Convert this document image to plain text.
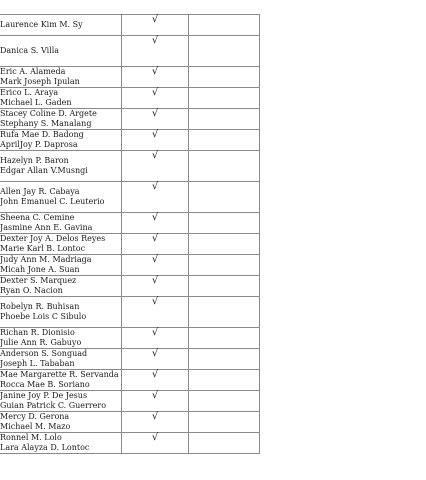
Laurence Kim M. Sy	√	

Danica S. Villa	√	

Eric A. Alameda
Mark Joseph Ipulan	√	

Erico L. Araya
Michael L. Gaden	√	

Stacey Coline D. Argete
Stephany S. Manalang	√	

Rufa Mae D. Badong
AprilJoy P. Daprosa	√	

Hazelyn P. Baron
Edgar Allan V.Musngi	√	

Allen Jay R. Cabaya
John Emanuel C. Leuterio	√	

Sheena C. Cemine
Jasmine Ann E. Gavina	√	

Dexter Joy A. Delos Reyes
Marie Karl B. Lontoc	√	

Judy Ann M. Madriaga
Micah Jone A. Suan	√	

Dexter S. Marquez
Ryan O. Nacion	√	

Robelyn R. Buhisan
Phoebe Lois C Sibulo	√	

Richan R. Dionisio
Julie Ann R. Gabuyo	√	

Anderson S. Songuad
Joseph L. Tababan	√	

Mae Margarette R. Servanda
Rocca Mae B. Soriano	√	

Janine Joy P. De Jesus
Guian Patrick C. Guerrero	√	

Mercy D. Gerona
Michael M. Mazo	√	

Ronnel M. Lolo
Lara Alayza D. Lontoc	√	
